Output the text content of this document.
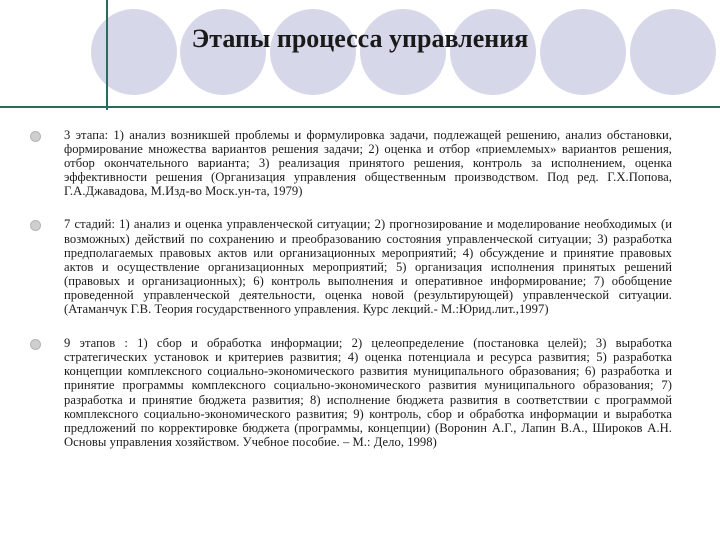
Этапы процесса управления

3 этапа: 1) анализ возникшей проблемы и формулировка задачи, подлежащей решению, анализ обстановки, формирование множества вариантов решения задачи; 2) оценка и отбор «приемлемых» вариантов решения, отбор окончательного варианта; 3) реализация принятого решения, контроль за исполнением, оценка эффективности решения (Организация управления общественным производством. Под ред. Г.Х.Попова, Г.А.Джавадова, М.Изд-во Моск.ун-та, 1979)

7 стадий: 1) анализ и оценка управленческой ситуации; 2) прогнозирование и моделирование необходимых (и возможных) действий по сохранению и преобразованию состояния управленческой ситуации; 3) разработка предполагаемых правовых актов или организационных мероприятий; 4) обсуждение и принятие правовых актов и осуществление организационных мероприятий; 5) организация исполнения принятых решений (правовых и организационных); 6) контроль выполнения и оперативное информирование; 7) обобщение проведенной управленческой деятельности, оценка новой (результирующей) управленческой ситуации. (Атаманчук Г.В. Теория государственного управления. Курс лекций.- М.:Юрид.лит.,1997)

9 этапов : 1) сбор и обработка информации; 2) целеопределение (постановка целей); 3) выработка стратегических установок и критериев развития; 4) оценка потенциала и ресурса развития; 5) разработка концепции комплексного социально-экономического развития муниципального образования; 6) разработка и принятие программы комплексного социально-экономического развития муниципального образования; 7) разработка и принятие бюджета развития; 8) исполнение бюджета развития в соответствии с программой комплексного социально-экономического развития; 9) контроль, сбор и обработка информации и выработка предложений по корректировке бюджета (программы, концепции) (Воронин А.Г., Лапин В.А., Широков А.Н. Основы управления хозяйством. Учебное пособие. – М.: Дело, 1998)
